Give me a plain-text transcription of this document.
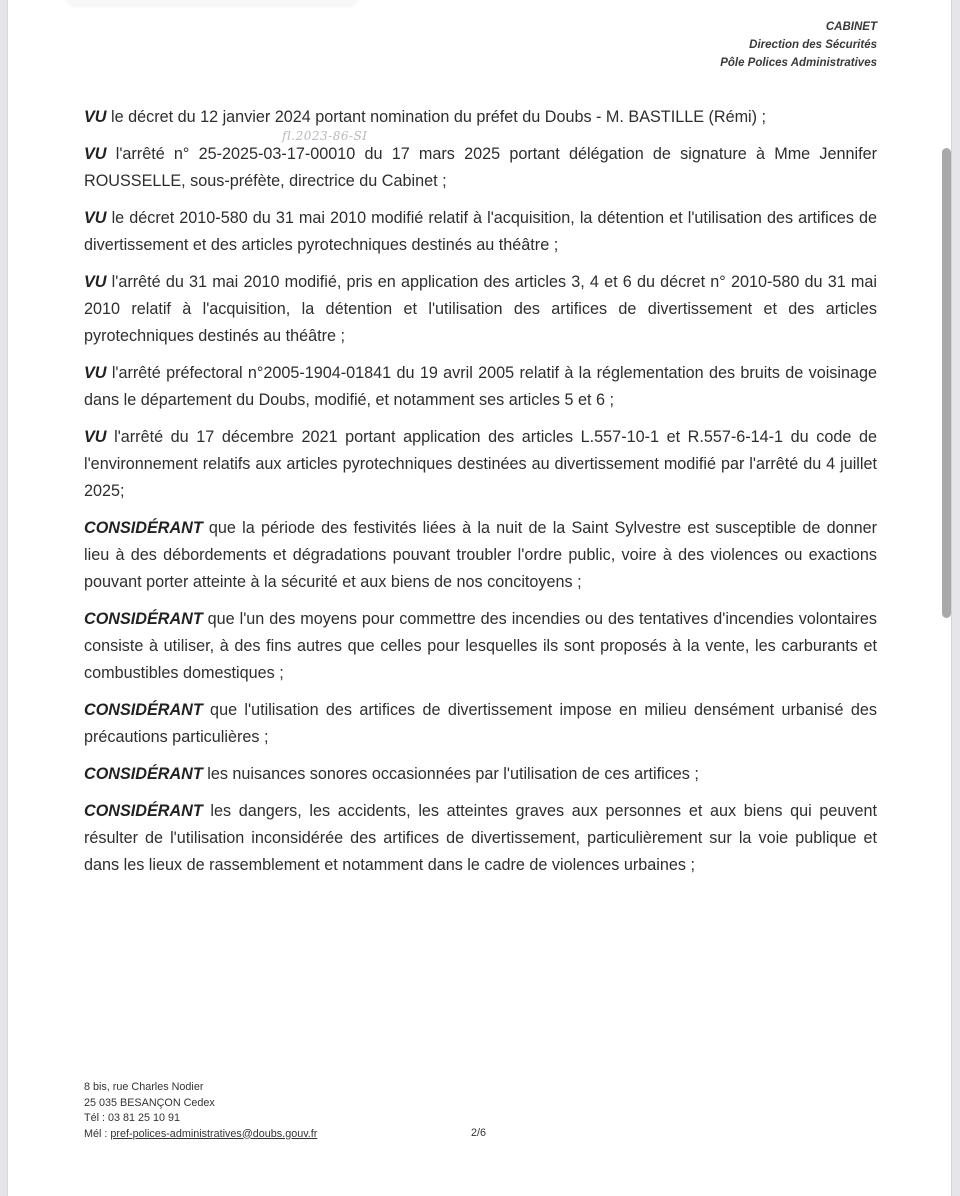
CABINET
Direction des Sécurités
Pôle Polices Administratives
fl.2023-86-SI

VU le décret du 12 janvier 2024 portant nomination du préfet du Doubs - M. BASTILLE (Rémi) ;

VU l'arrêté n° 25-2025-03-17-00010 du 17 mars 2025 portant délégation de signature à Mme Jennifer ROUSSELLE, sous-préfète, directrice du Cabinet ;

VU le décret 2010-580 du 31 mai 2010 modifié relatif à l'acquisition, la détention et l'utilisation des artifices de divertissement et des articles pyrotechniques destinés au théâtre ;

VU l'arrêté du 31 mai 2010 modifié, pris en application des articles 3, 4 et 6 du décret n° 2010-580 du 31 mai 2010 relatif à l'acquisition, la détention et l'utilisation des artifices de divertissement et des articles pyrotechniques destinés au théâtre ;

VU l'arrêté préfectoral n°2005-1904-01841 du 19 avril 2005 relatif à la réglementation des bruits de voisinage dans le département du Doubs, modifié, et notamment ses articles 5 et 6 ;

VU l'arrêté du 17 décembre 2021 portant application des articles L.557-10-1 et R.557-6-14-1 du code de l'environnement relatifs aux articles pyrotechniques destinées au divertissement modifié par l'arrêté du 4 juillet 2025;

CONSIDÉRANT que la période des festivités liées à la nuit de la Saint Sylvestre est susceptible de donner lieu à des débordements et dégradations pouvant troubler l'ordre public, voire à des violences ou exactions pouvant porter atteinte à la sécurité et aux biens de nos concitoyens ;

CONSIDÉRANT que l'un des moyens pour commettre des incendies ou des tentatives d'incendies volontaires consiste à utiliser, à des fins autres que celles pour lesquelles ils sont proposés à la vente, les carburants et combustibles domestiques ;

CONSIDÉRANT que l'utilisation des artifices de divertissement impose en milieu densément urbanisé des précautions particulières ;

CONSIDÉRANT les nuisances sonores occasionnées par l'utilisation de ces artifices ;

CONSIDÉRANT les dangers, les accidents, les atteintes graves aux personnes et aux biens qui peuvent résulter de l'utilisation inconsidérée des artifices de divertissement, particulièrement sur la voie publique et dans les lieux de rassemblement et notamment dans le cadre de violences urbaines ;

8 bis, rue Charles Nodier
25 035 BESANÇON Cedex
Tél : 03 81 25 10 91
Mél : pref-polices-administratives@doubs.gouv.fr	2/6
